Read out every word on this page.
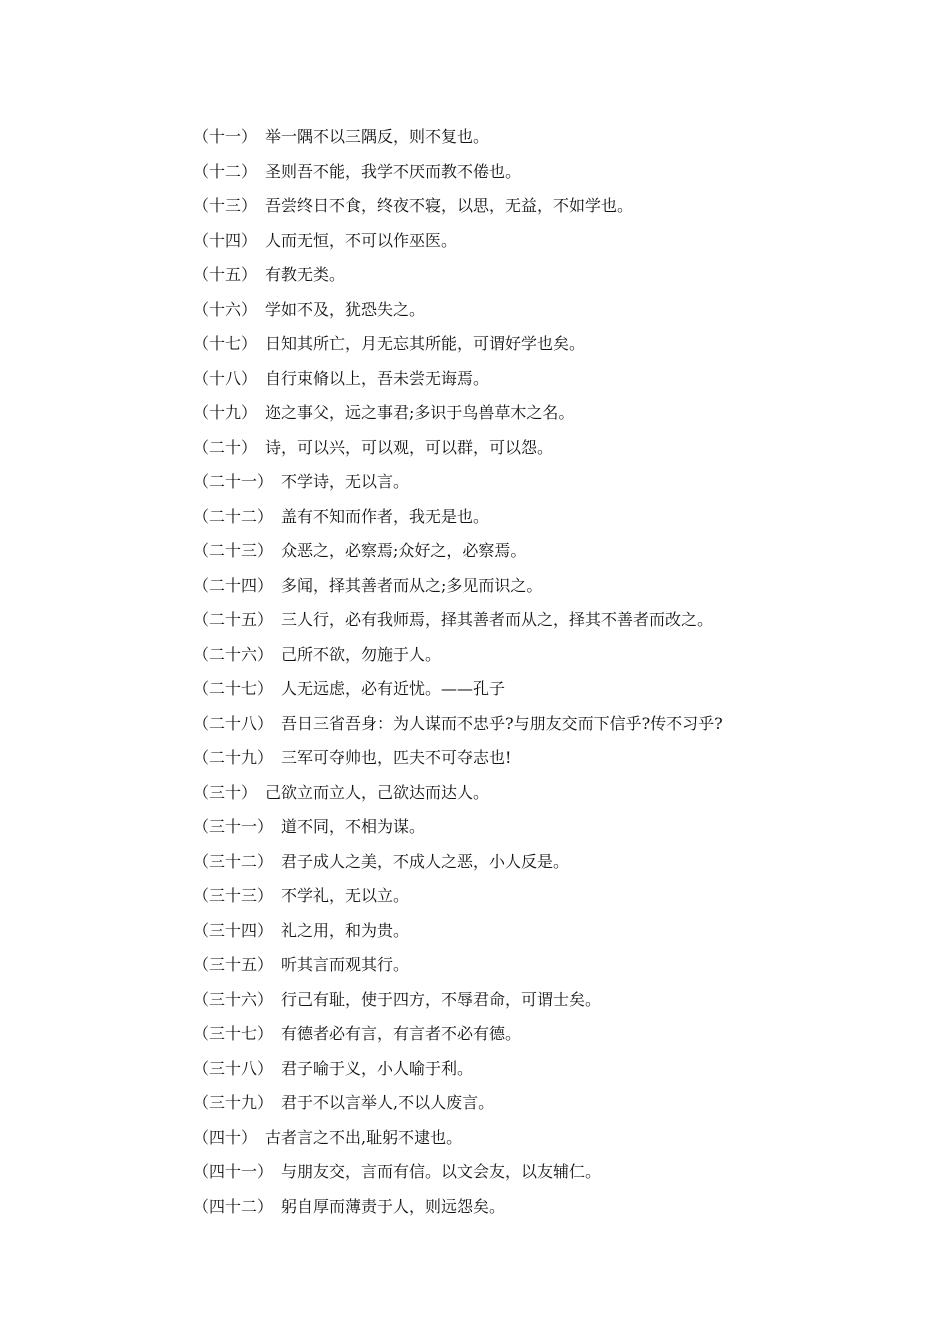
（十一） 举一隅不以三隅反，则不复也。
（十二） 圣则吾不能，我学不厌而教不倦也。
（十三） 吾尝终日不食，终夜不寝，以思，无益，不如学也。
（十四） 人而无恒，不可以作巫医。
（十五） 有教无类。
（十六） 学如不及，犹恐失之。
（十七） 日知其所亡，月无忘其所能，可谓好学也矣。
（十八） 自行束脩以上，吾未尝无诲焉。
（十九） 迩之事父，远之事君;多识于鸟兽草木之名。
（二十） 诗，可以兴，可以观，可以群，可以怨。
（二十一） 不学诗，无以言。
（二十二） 盖有不知而作者，我无是也。
（二十三） 众恶之，必察焉;众好之，必察焉。
（二十四） 多闻，择其善者而从之;多见而识之。
（二十五） 三人行，必有我师焉，择其善者而从之，择其不善者而改之。
（二十六） 己所不欲，勿施于人。
（二十七） 人无远虑，必有近忧。——孔子
（二十八） 吾日三省吾身：为人谋而不忠乎?与朋友交而下信乎?传不习乎?
（二十九） 三军可夺帅也，匹夫不可夺志也!
（三十） 己欲立而立人，己欲达而达人。
（三十一） 道不同，不相为谋。
（三十二） 君子成人之美，不成人之恶，小人反是。
（三十三） 不学礼，无以立。
（三十四） 礼之用，和为贵。
（三十五） 听其言而观其行。
（三十六） 行己有耻，使于四方，不辱君命，可谓士矣。
（三十七） 有德者必有言，有言者不必有德。
（三十八） 君子喻于义，小人喻于利。
（三十九） 君于不以言举人,不以人废言。
（四十） 古者言之不出,耻躬不逮也。
（四十一） 与朋友交，言而有信。以文会友，以友辅仁。
（四十二） 躬自厚而薄责于人，则远怨矣。
